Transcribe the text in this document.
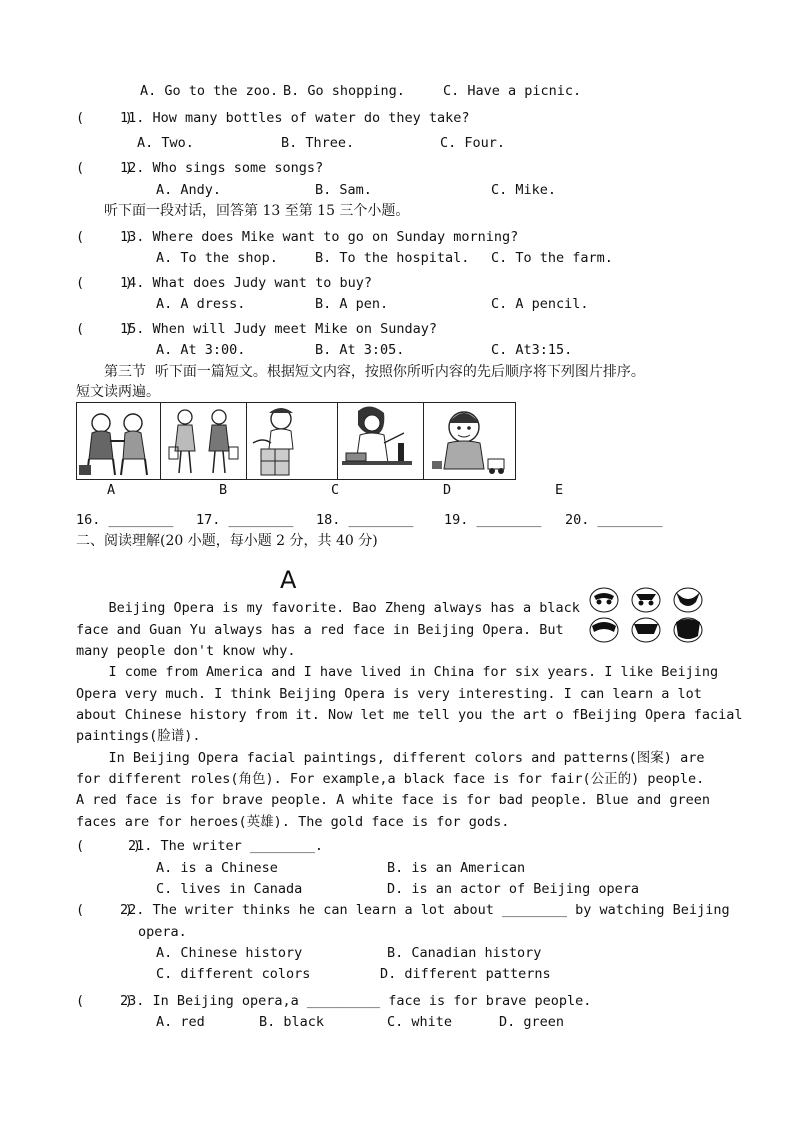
A. Go to the zoo. B. Go shopping.	C. Have a picnic.
(     )
11. How many bottles of water do they take?
A. Two.	B. Three.	C. Four.
(     )
12. Who sings some songs?
A. Andy.	B. Sam.	C. Mike.
听下面一段对话，回答第 13 至第 15 三个小题。
(     )
13. Where does Mike want to go on Sunday morning?
A. To the shop.	B. To the hospital. C. To the farm.
(     )
14. What does Judy want to buy?
A. A dress.	B. A pen.	C. A pencil.
(     )
15. When will Judy meet Mike on Sunday?
A. At 3:00.	B. At 3:05.	C. At3:15.
第三节  听下面一篇短文。根据短文内容，按照你所听内容的先后顺序将下列图片排序。
短文读两遍。
A	B	C	D	E
16. ________ 17. ________ 18. ________ 19. ________ 20. ________
二、阅读理解(20 小题，每小题 2 分，共 40 分)
A
Beijing Opera is my favorite. Bao Zheng always has a black
face and Guan Yu always has a red face in Beijing Opera. But
many people don't know why.
I come from America and I have lived in China for six years. I like Beijing
Opera very much. I think Beijing Opera is very interesting. I can learn a lot
about Chinese history from it. Now let me tell you the art o fBeijing Opera facial
paintings(脸谱).
In Beijing Opera facial paintings, different colors and patterns(图案) are
for different roles(角色). For example,a black face is for fair(公正的) people.
A red face is for brave people. A white face is for bad people. Blue and green
faces are for heroes(英雄). The gold face is for gods.
(      )
21. The writer ________.
A. is a Chinese	B. is an American
C. lives in Canada	D. is an actor of Beijing opera
(     )
22. The writer thinks he can learn a lot about ________ by watching Beijing
opera.
A. Chinese history	B. Canadian history
C. different colors	D. different patterns
(     )
23. In Beijing opera,a _________ face is for brave people.
A. red	B. black	C. white	D. green
